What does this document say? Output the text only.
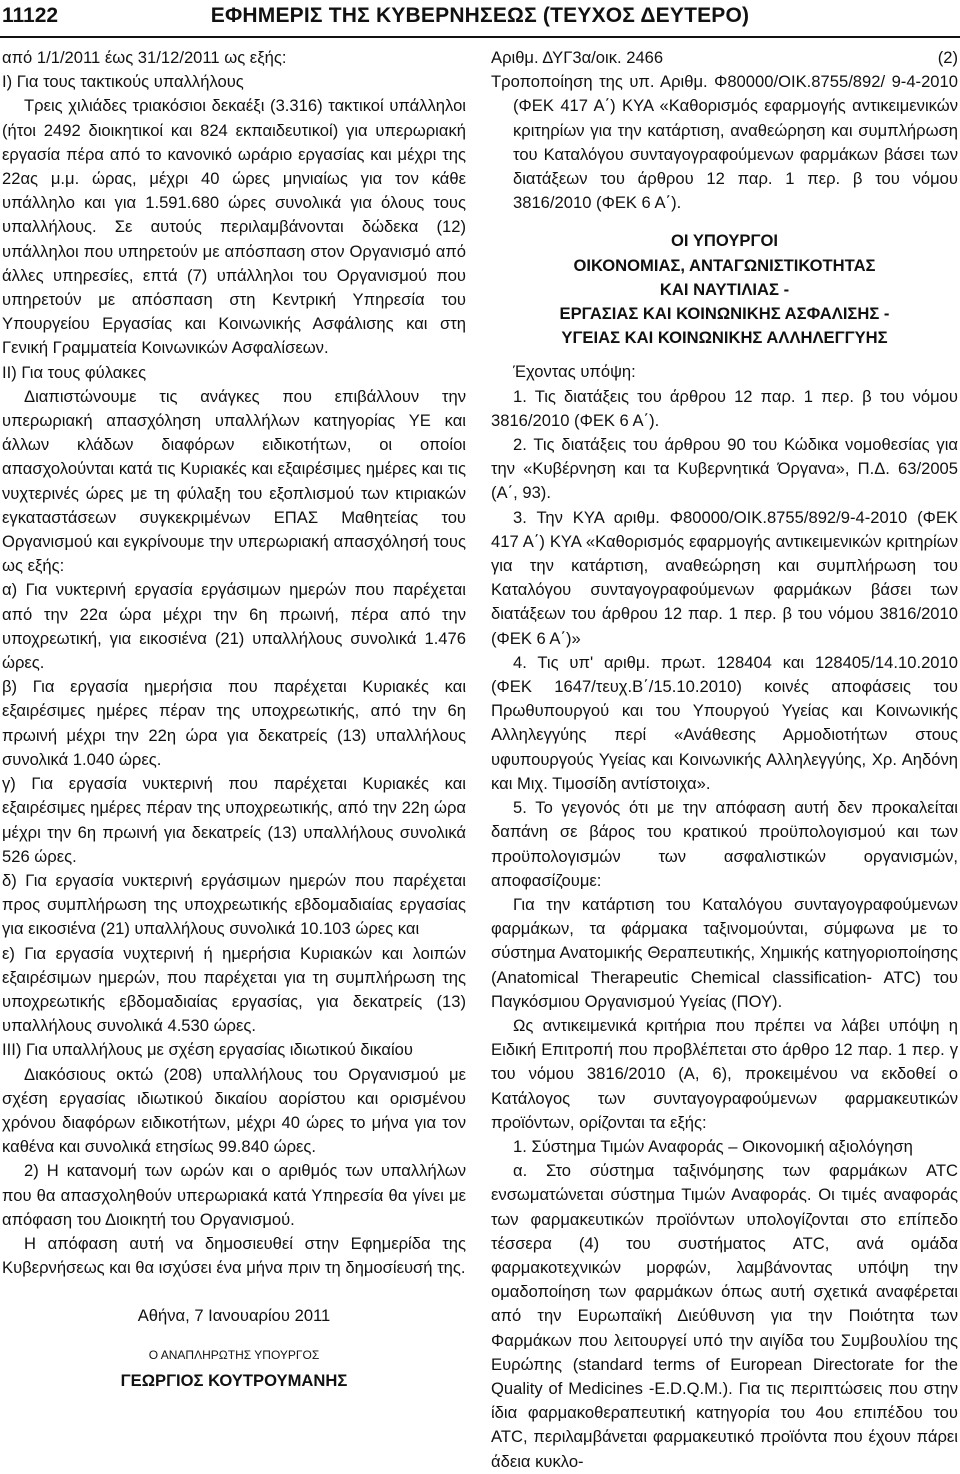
11122	ΕΦΗΜΕΡΙΣ ΤΗΣ ΚΥΒΕΡΝΗΣΕΩΣ (ΤΕΥΧΟΣ ΔΕΥΤΕΡΟ)
από 1/1/2011 έως 31/12/2011 ως εξής:
Ι) Για τους τακτικούς υπαλλήλους
Τρεις χιλιάδες τριακόσιοι δεκαέξι (3.316) τακτικοί υπάλληλοι (ήτοι 2492 διοικητικοί και 824 εκπαιδευτικοί) για υπερωριακή εργασία πέρα από το κανονικό ωράριο εργασίας και μέχρι της 22ας μ.μ. ώρας, μέχρι 40 ώρες μηνιαίως για τον κάθε υπάλληλο και για 1.591.680 ώρες συνολικά για όλους τους υπαλλήλους. Σε αυτούς περιλαμβάνονται δώδεκα (12) υπάλληλοι που υπηρετούν με απόσπαση στον Οργανισμό από άλλες υπηρεσίες, επτά (7) υπάλληλοι του Οργανισμού που υπηρετούν με απόσπαση στη Κεντρική Υπηρεσία του Υπουργείου Εργασίας και Κοινωνικής Ασφάλισης και στη Γενική Γραμματεία Κοινωνικών Ασφαλίσεων.
ΙΙ) Για τους φύλακες
Διαπιστώνουμε τις ανάγκες που επιβάλλουν την υπερωριακή απασχόληση υπαλλήλων κατηγορίας ΥΕ και άλλων κλάδων διαφόρων ειδικοτήτων, οι οποίοι απασχολούνται κατά τις Κυριακές και εξαιρέσιμες ημέρες και τις νυχτερινές ώρες με τη φύλαξη του εξοπλισμού των κτιριακών εγκαταστάσεων συγκεκριμένων ΕΠΑΣ Μαθητείας του Οργανισμού και εγκρίνουμε την υπερωριακή απασχόλησή τους ως εξής:
α) Για νυκτερινή εργασία εργάσιμων ημερών που παρέχεται από την 22α ώρα μέχρι την 6η πρωινή, πέρα από την υποχρεωτική, για εικοσιένα (21) υπαλλήλους συνολικά 1.476 ώρες.
β) Για εργασία ημερήσια που παρέχεται Κυριακές και εξαιρέσιμες ημέρες πέραν της υποχρεωτικής, από την 6η πρωινή μέχρι την 22η ώρα για δεκατρείς (13) υπαλλήλους συνολικά 1.040 ώρες.
γ) Για εργασία νυκτερινή που παρέχεται Κυριακές και εξαιρέσιμες ημέρες πέραν της υποχρεωτικής, από την 22η ώρα μέχρι την 6η πρωινή για δεκατρείς (13) υπαλλήλους συνολικά 526 ώρες.
δ) Για εργασία νυκτερινή εργάσιμων ημερών που παρέχεται προς συμπλήρωση της υποχρεωτικής εβδομαδιαίας εργασίας για εικοσιένα (21) υπαλλήλους συνολικά 10.103 ώρες και
ε) Για εργασία νυχτερινή ή ημερήσια Κυριακών και λοιπών εξαιρέσιμων ημερών, που παρέχεται για τη συμπλήρωση της υποχρεωτικής εβδομαδιαίας εργασίας, για δεκατρείς (13) υπαλλήλους συνολικά 4.530 ώρες.
ΙΙΙ) Για υπαλλήλους με σχέση εργασίας ιδιωτικού δικαίου
Διακόσιους οκτώ (208) υπαλλήλους του Οργανισμού με σχέση εργασίας ιδιωτικού δικαίου αορίστου και ορισμένου χρόνου διαφόρων ειδικοτήτων, μέχρι 40 ώρες το μήνα για τον καθένα και συνολικά ετησίως 99.840 ώρες.
2) Η κατανομή των ωρών και ο αριθμός των υπαλλήλων που θα απασχοληθούν υπερωριακά κατά Υπηρεσία θα γίνει με απόφαση του Διοικητή του Οργανισμού.
Η απόφαση αυτή να δημοσιευθεί στην Εφημερίδα της Κυβερνήσεως και θα ισχύσει ένα μήνα πριν τη δημοσίευσή της.
Αθήνα, 7 Ιανουαρίου 2011
Ο ΑΝΑΠΛΗΡΩΤΗΣ ΥΠΟΥΡΓΟΣ
ΓΕΩΡΓΙΟΣ ΚΟΥΤΡΟΥΜΑΝΗΣ
Αριθμ. ΔΥΓ3α/οικ. 2466	(2)
Τροποποίηση της υπ. Αριθμ. Φ80000/ΟΙΚ.8755/892/ 9-4-2010 (ΦΕΚ 417 Α΄) ΚΥΑ «Καθορισμός εφαρμογής αντικειμενικών κριτηρίων για την κατάρτιση, αναθεώρηση και συμπλήρωση του Καταλόγου συνταγογραφούμενων φαρμάκων βάσει των διατάξεων του άρθρου 12 παρ. 1 περ. β του νόμου 3816/2010 (ΦΕΚ 6 Α΄).
ΟΙ ΥΠΟΥΡΓΟΙ
ΟΙΚΟΝΟΜΙΑΣ, ΑΝΤΑΓΩΝΙΣΤΙΚΟΤΗΤΑΣ
ΚΑΙ ΝΑΥΤΙΛΙΑΣ -
ΕΡΓΑΣΙΑΣ ΚΑΙ ΚΟΙΝΩΝΙΚΗΣ ΑΣΦΑΛΙΣΗΣ -
ΥΓΕΙΑΣ ΚΑΙ ΚΟΙΝΩΝΙΚΗΣ ΑΛΛΗΛΕΓΓΥΗΣ
Έχοντας υπόψη:
1. Τις διατάξεις του άρθρου 12 παρ. 1 περ. β του νόμου 3816/2010 (ΦΕΚ 6 Α΄).
2. Τις διατάξεις του άρθρου 90 του Κώδικα νομοθεσίας για την «Κυβέρνηση και τα Κυβερνητικά Όργανα», Π.Δ. 63/2005 (Α΄, 93).
3. Την ΚΥΑ αριθμ. Φ80000/ΟΙΚ.8755/892/9-4-2010 (ΦΕΚ 417 Α΄) ΚΥΑ «Καθορισμός εφαρμογής αντικειμενικών κριτηρίων για την κατάρτιση, αναθεώρηση και συμπλήρωση του Καταλόγου συνταγογραφούμενων φαρμάκων βάσει των διατάξεων του άρθρου 12 παρ. 1 περ. β του νόμου 3816/2010 (ΦΕΚ 6 Α΄)»
4. Τις υπ' αριθμ. πρωτ. 128404 και 128405/14.10.2010 (ΦΕΚ 1647/τευχ.Β΄/15.10.2010) κοινές αποφάσεις του Πρωθυπουργού και του Υπουργού Υγείας και Κοινωνικής Αλληλεγγύης περί «Ανάθεσης Αρμοδιοτήτων στους υφυπουργούς Υγείας και Κοινωνικής Αλληλεγγύης, Χρ. Αηδόνη και Μιχ. Τιμοσίδη αντίστοιχα».
5. Το γεγονός ότι με την απόφαση αυτή δεν προκαλείται δαπάνη σε βάρος του κρατικού προϋπολογισμού και των προϋπολογισμών των ασφαλιστικών οργανισμών, αποφασίζουμε:
Για την κατάρτιση του Καταλόγου συνταγογραφούμενων φαρμάκων, τα φάρμακα ταξινομούνται, σύμφωνα με το σύστημα Ανατομικής Θεραπευτικής, Χημικής κατηγοριοποίησης (Anatomical Therapeutic Chemical classification- ATC) του Παγκόσμιου Οργανισμού Υγείας (ΠΟΥ).
Ως αντικειμενικά κριτήρια που πρέπει να λάβει υπόψη η Ειδική Επιτροπή που προβλέπεται στο άρθρο 12 παρ. 1 περ. γ του νόμου 3816/2010 (Α, 6), προκειμένου να εκδοθεί ο Κατάλογος των συνταγογραφούμενων φαρμακευτικών προϊόντων, ορίζονται τα εξής:
1. Σύστημα Τιμών Αναφοράς – Οικονομική αξιολόγηση
α. Στο σύστημα ταξινόμησης των φαρμάκων ATC ενσωματώνεται σύστημα Τιμών Αναφοράς. Οι τιμές αναφοράς των φαρμακευτικών προϊόντων υπολογίζονται στο επίπεδο τέσσερα (4) του συστήματος ATC, ανά ομάδα φαρμακοτεχνικών μορφών, λαμβάνοντας υπόψη την ομαδοποίηση των φαρμάκων όπως αυτή σχετικά αναφέρεται από την Ευρωπαϊκή Διεύθυνση για την Ποιότητα των Φαρμάκων που λειτουργεί υπό την αιγίδα του Συμβουλίου της Ευρώπης (standard terms of European Directorate for the Quality of Medicines -E.D.Q.M.). Για τις περιπτώσεις που στην ίδια φαρμακοθεραπευτική κατηγορία του 4ου επιπέδου του ATC, περιλαμβάνεται φαρμακευτικό προϊόντα που έχουν πάρει άδεια κυκλο-
